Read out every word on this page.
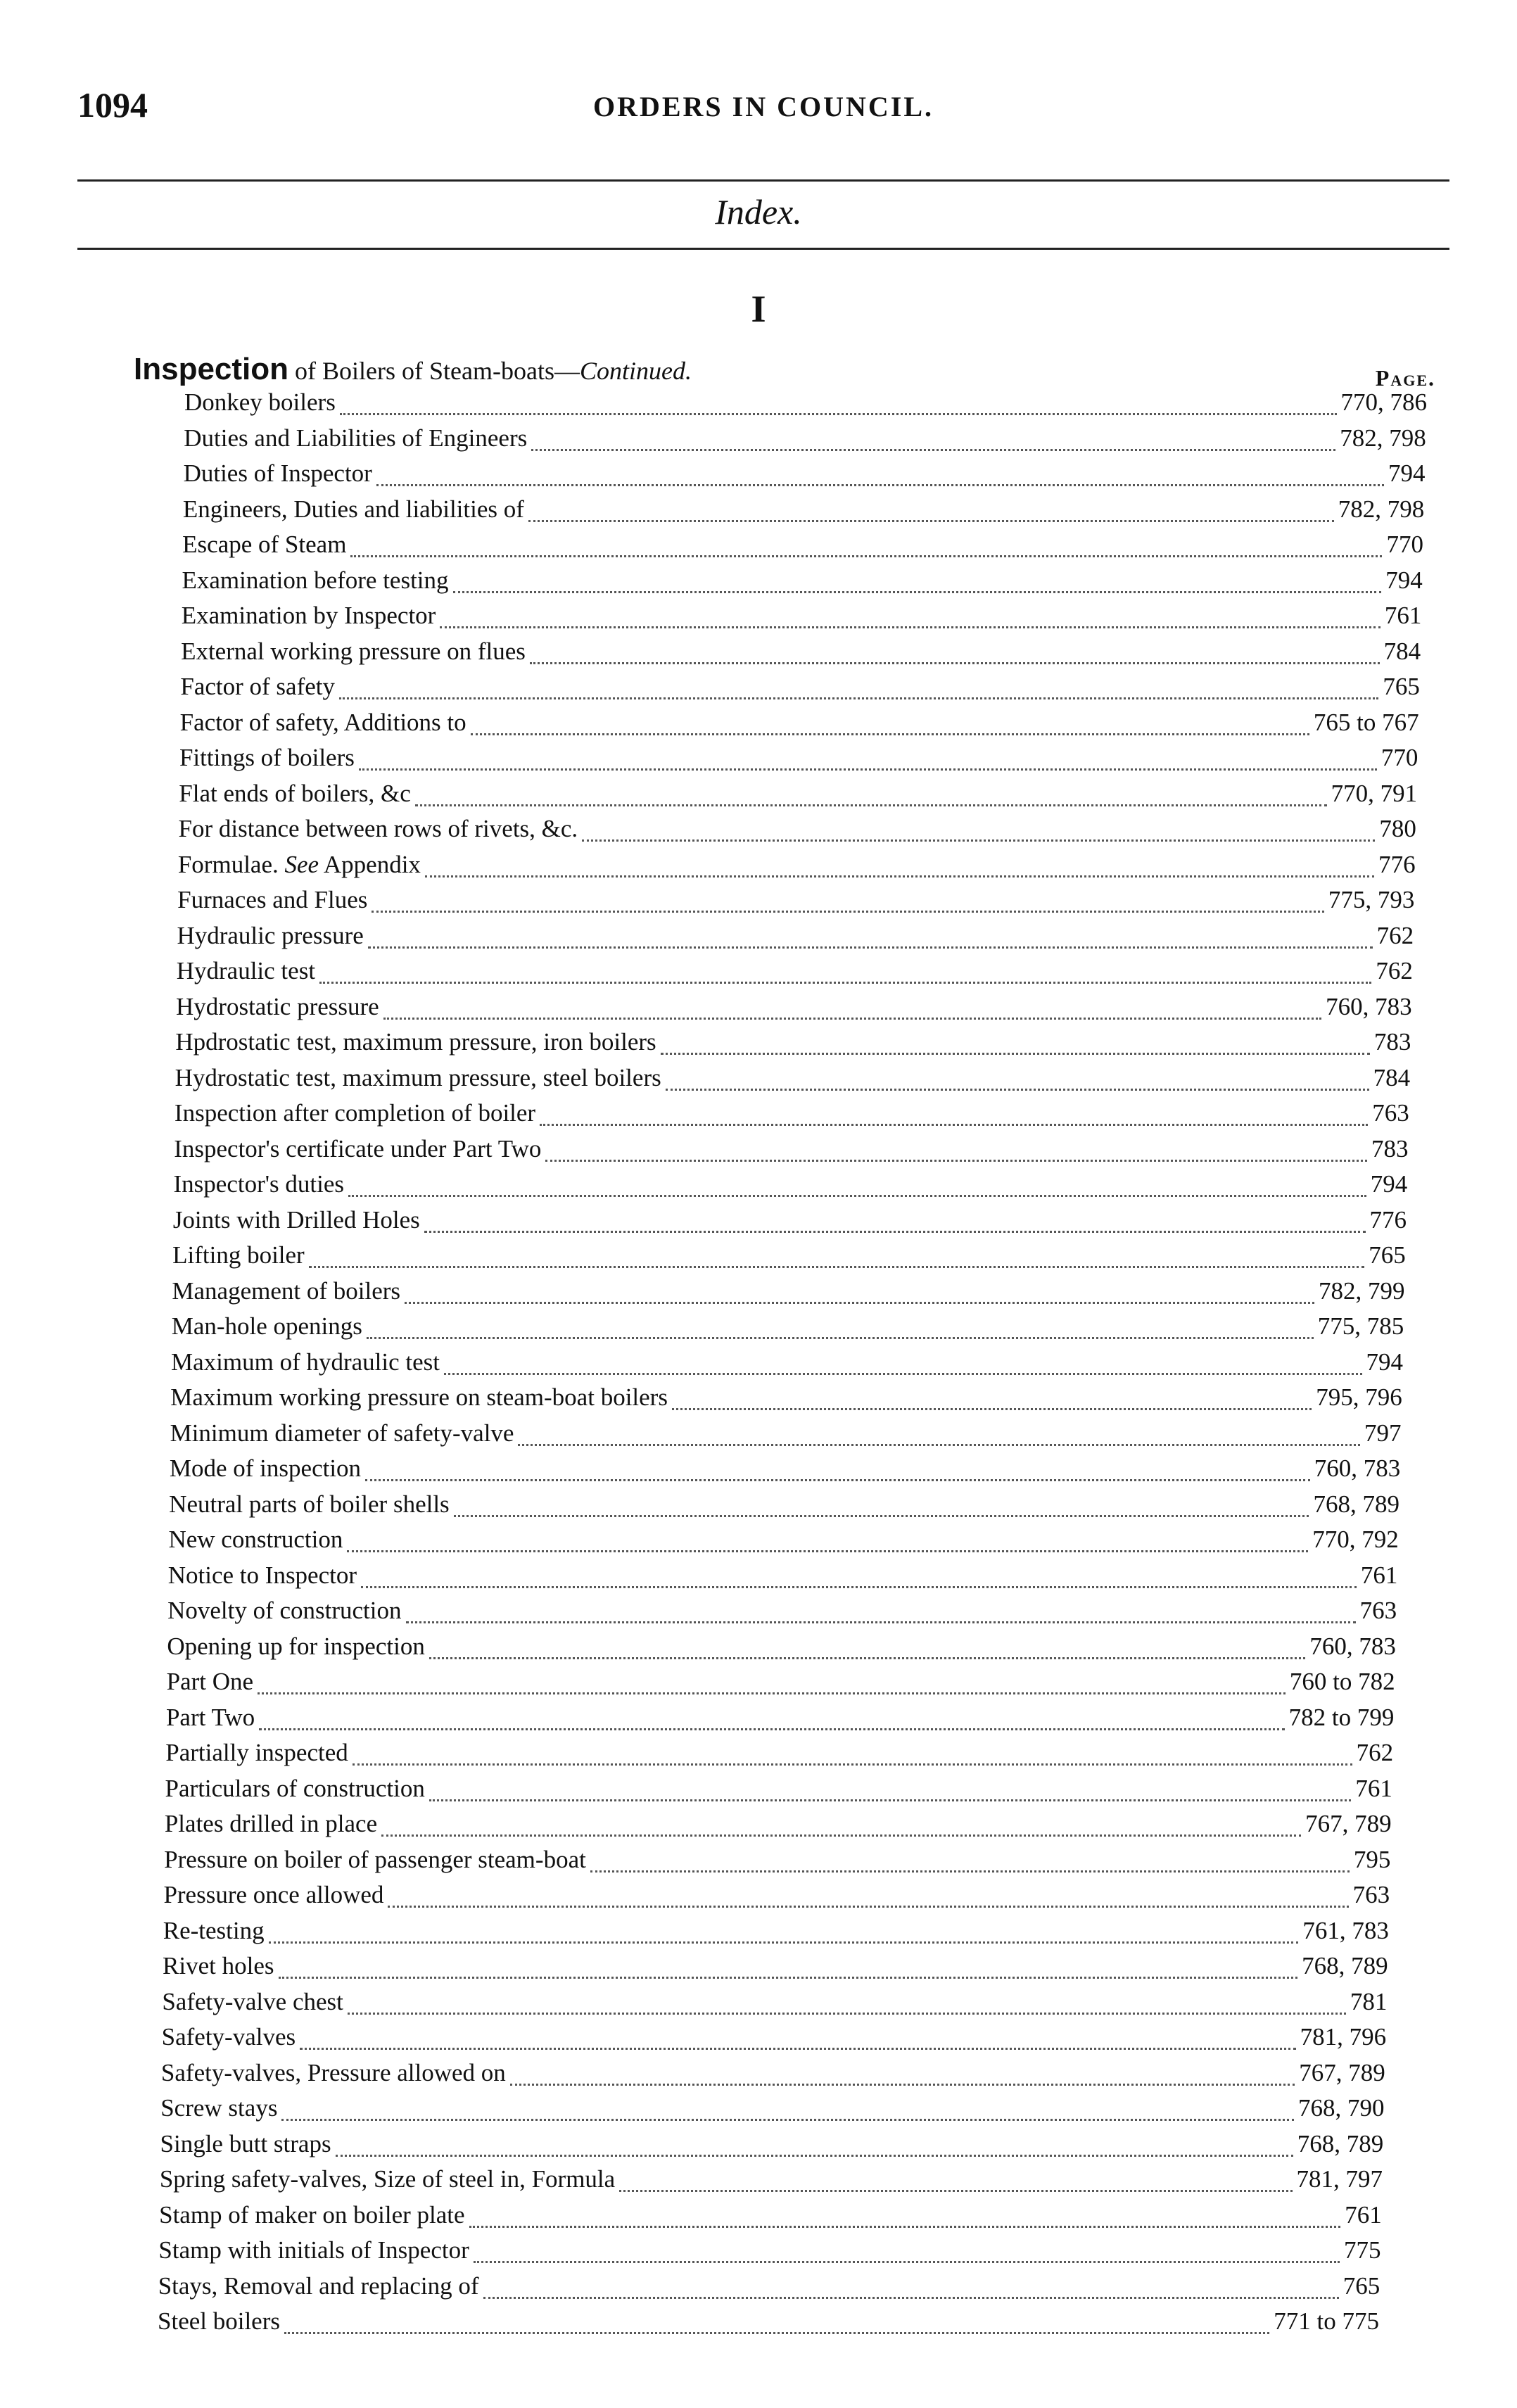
1094	ORDERS IN COUNCIL.
Index.
I
Inspection of Boilers of Steam-boats—Continued.	Page.
Donkey boilers	770, 786
Duties and Liabilities of Engineers	782, 798
Duties of Inspector	794
Engineers, Duties and liabilities of	782, 798
Escape of Steam	770
Examination before testing	794
Examination by Inspector	761
External working pressure on flues	784
Factor of safety	765
Factor of safety, Additions to	765 to 767
Fittings of boilers	770
Flat ends of boilers, &c	770, 791
For distance between rows of rivets, &c.	780
Formulae. See Appendix	776
Furnaces and Flues	775, 793
Hydraulic pressure	762
Hydraulic test	762
Hydrostatic pressure	760, 783
Hpdrostatic test, maximum pressure, iron boilers	783
Hydrostatic test, maximum pressure, steel boilers	784
Inspection after completion of boiler	763
Inspector's certificate under Part Two	783
Inspector's duties	794
Joints with Drilled Holes	776
Lifting boiler	765
Management of boilers	782, 799
Man-hole openings	775, 785
Maximum of hydraulic test	794
Maximum working pressure on steam-boat boilers	795, 796
Minimum diameter of safety-valve	797
Mode of inspection	760, 783
Neutral parts of boiler shells	768, 789
New construction	770, 792
Notice to Inspector	761
Novelty of construction	763
Opening up for inspection	760, 783
Part One	760 to 782
Part Two	782 to 799
Partially inspected	762
Particulars of construction	761
Plates drilled in place	767, 789
Pressure on boiler of passenger steam-boat	795
Pressure once allowed	763
Re-testing	761, 783
Rivet holes	768, 789
Safety-valve chest	781
Safety-valves	781, 796
Safety-valves, Pressure allowed on	767, 789
Screw stays	768, 790
Single butt straps	768, 789
Spring safety-valves, Size of steel in, Formula	781, 797
Stamp of maker on boiler plate	761
Stamp with initials of Inspector	775
Stays, Removal and replacing of	765
Steel boilers	771 to 775
